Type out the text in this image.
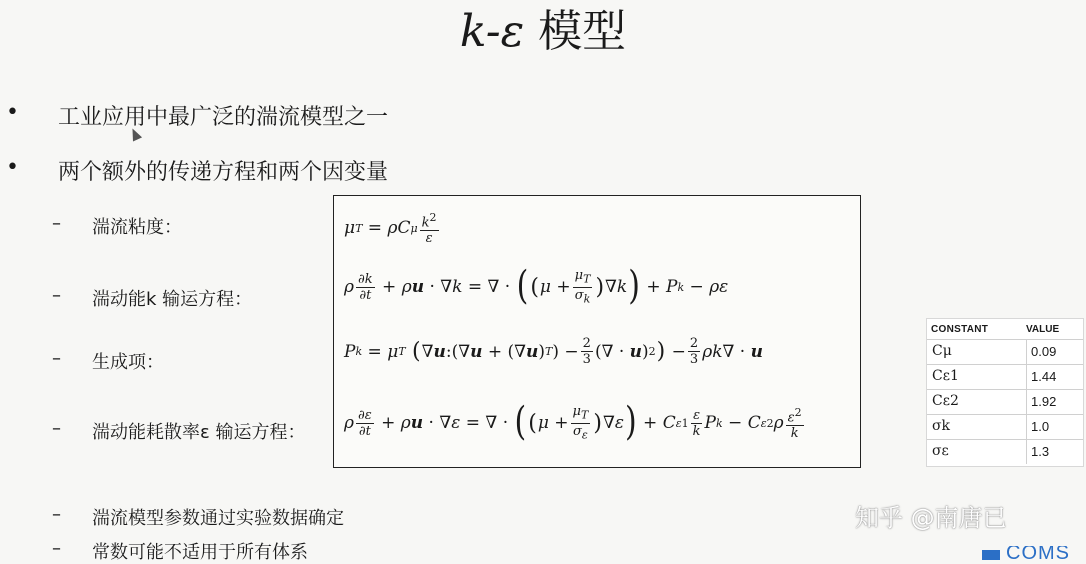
k-ε 模型
• 工业应用中最广泛的湍流模型之一
• 两个额外的传递方程和两个因变量
– 湍流粘度：
– 湍动能k 输运方程：
– 生成项：
– 湍动能耗散率ε 输运方程：
– 湍流模型参数通过实验数据确定
– 常数可能不适用于所有体系
μ T = ρC μ $\frac{k^2}{\varepsilon}$
ρ $\frac{\partial k}{\partial t} + \rho$ u · ∇ k = ∇ · ( ( $\mu + \frac{\mu_T}{\sigma_k}$ ) ∇ k ) + P k − ρε
P k = μ T
( ∇ u :(∇ u + (∇ u ) T ) − $\frac{2}{3}$ (∇ · u ) 2 ) − $\frac{2}{3}$ ρk ∇ · u
ρ $\frac{\partial\varepsilon}{\partial t} + \rho$ u · ∇ ε = ∇ · ( ( $\mu + \frac{\mu_T}{\sigma_\varepsilon}$ ) ∇ ε ) + C $\varepsilon 1 \frac{\varepsilon}{k}$ P k − C ε2 ρ $\frac{\varepsilon^2}{k}$
CONSTANT	VALUE
Cμ	0.09
Cε1	1.44
Cε2	1.92
σk	1.0
σε	1.3
知乎 @南唐已
COMS
